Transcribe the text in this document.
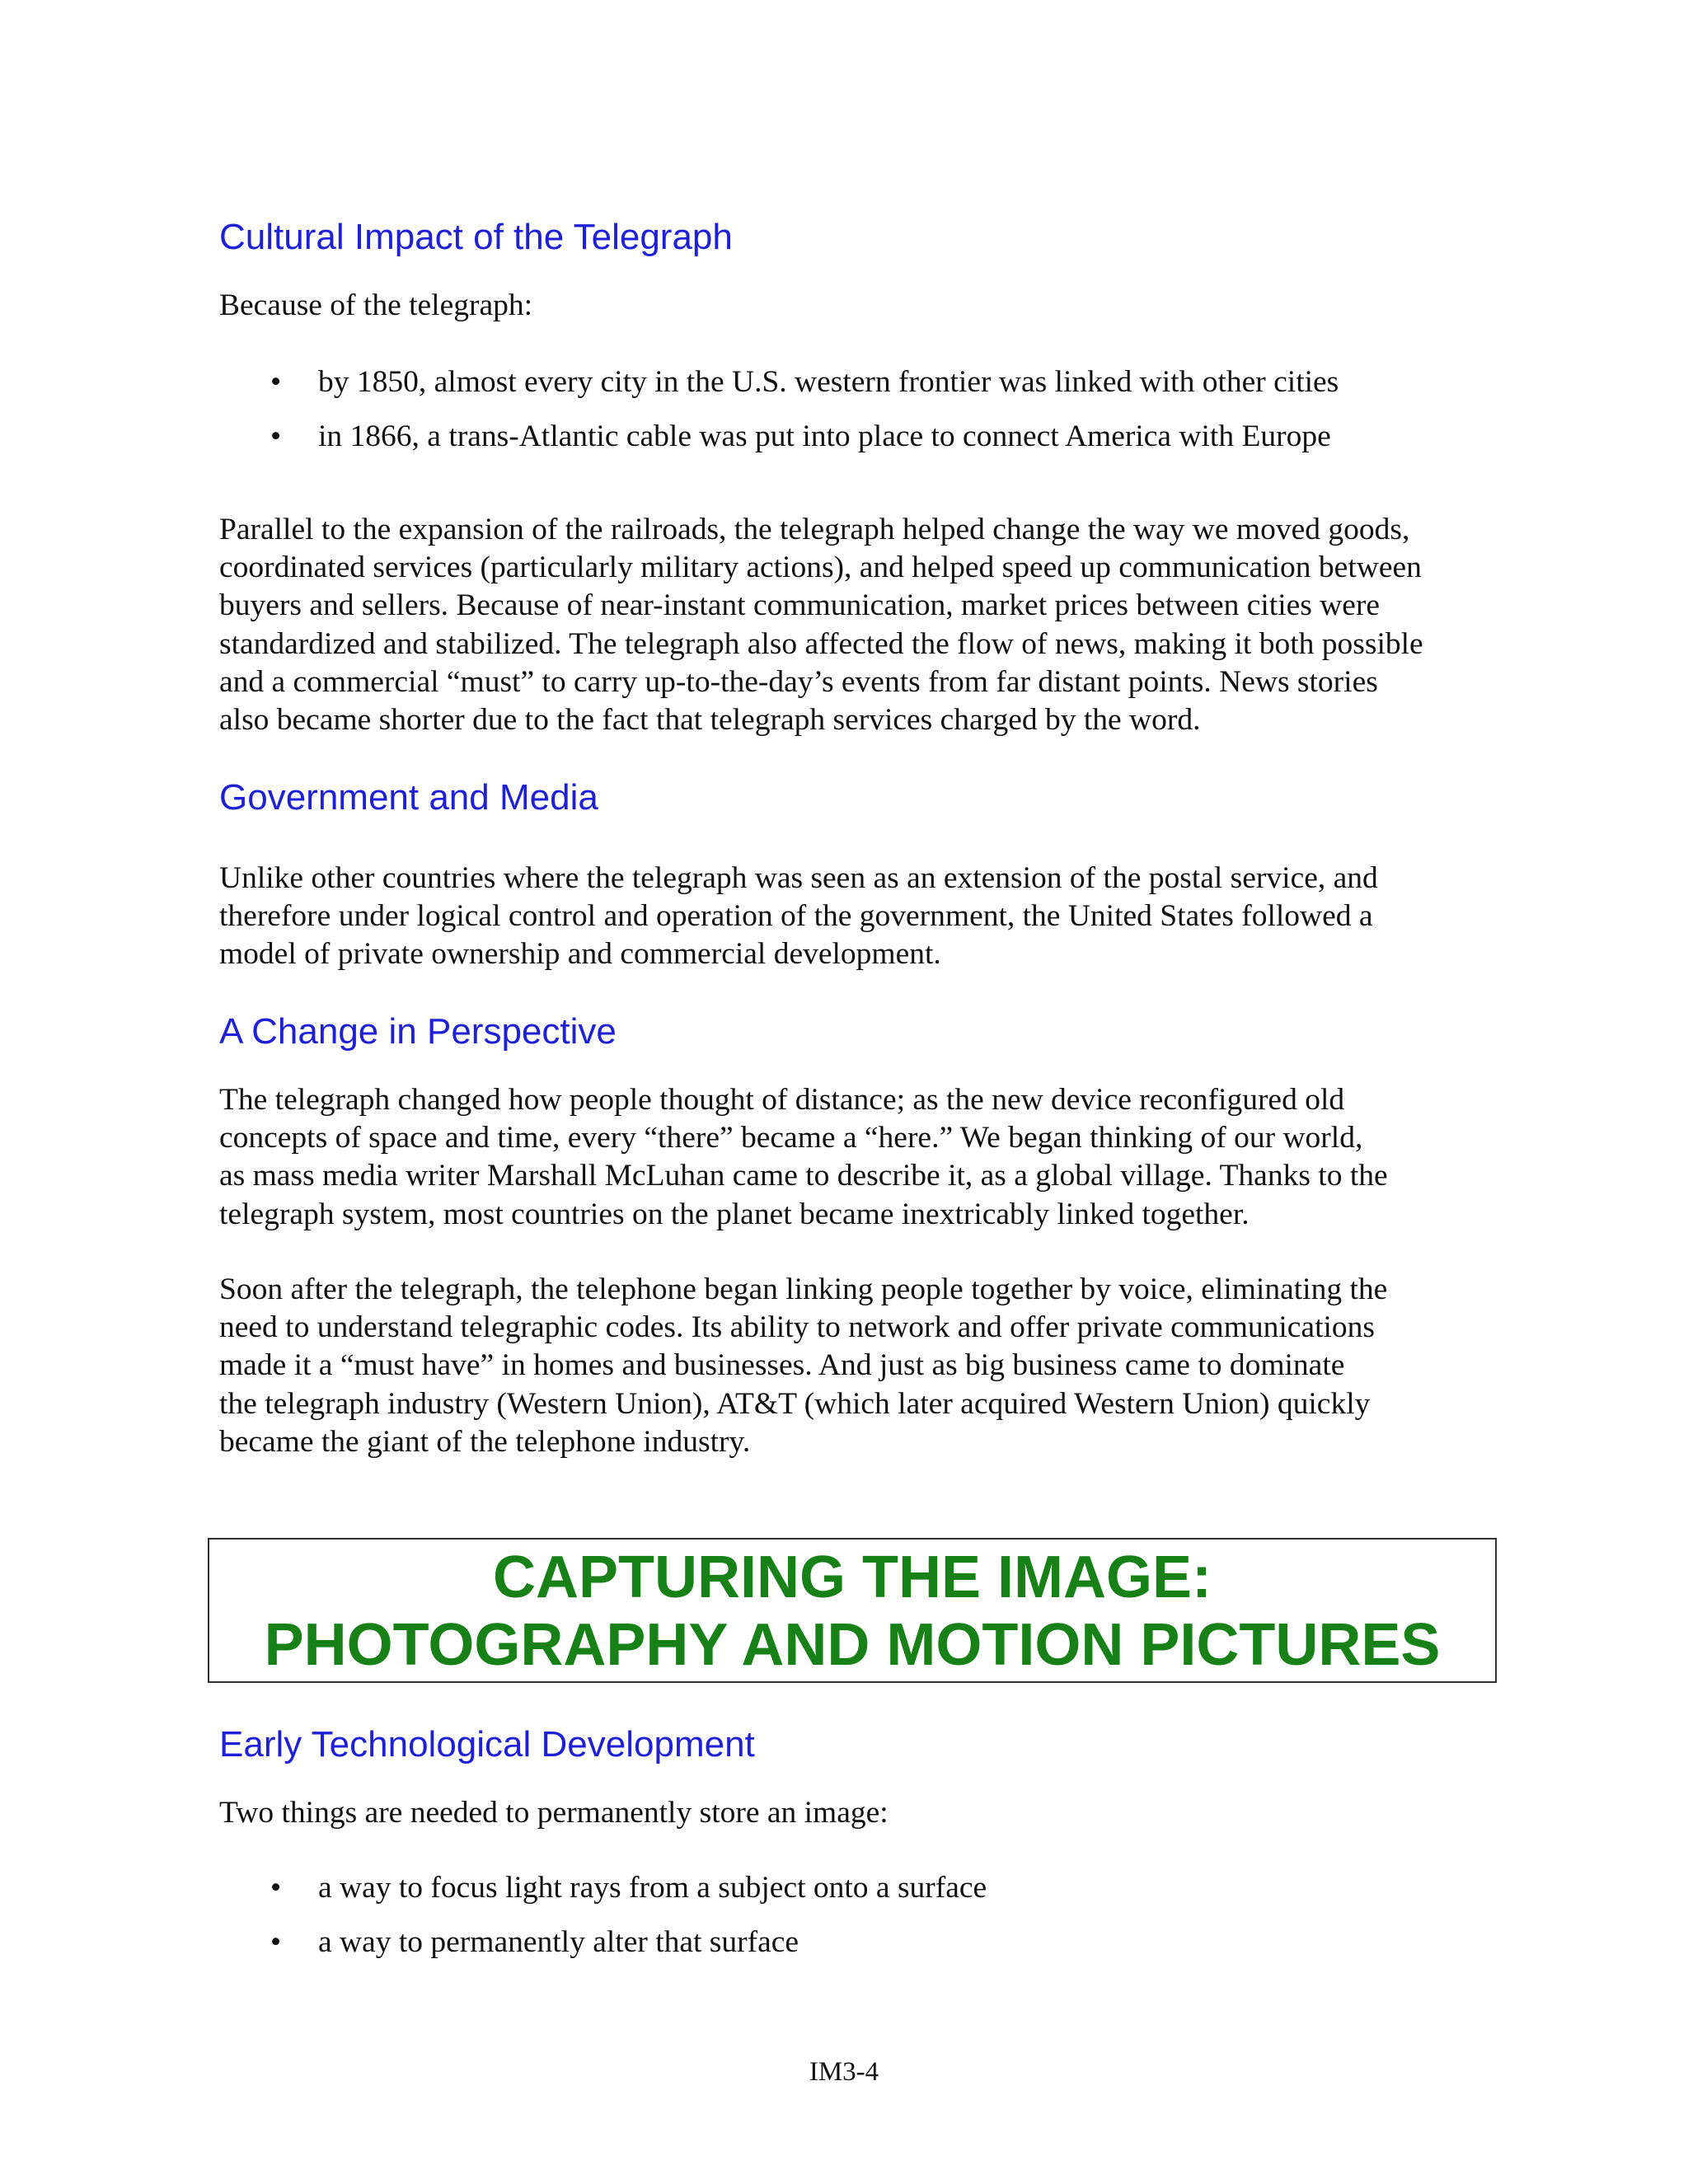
Cultural Impact of the Telegraph

Because of the telegraph:

• by 1850, almost every city in the U.S. western frontier was linked with other cities
• in 1866, a trans-Atlantic cable was put into place to connect America with Europe

Parallel to the expansion of the railroads, the telegraph helped change the way we moved goods,
coordinated services (particularly military actions), and helped speed up communication between
buyers and sellers. Because of near-instant communication, market prices between cities were
standardized and stabilized. The telegraph also affected the flow of news, making it both possible
and a commercial “must” to carry up-to-the-day’s events from far distant points. News stories
also became shorter due to the fact that telegraph services charged by the word.

Government and Media

Unlike other countries where the telegraph was seen as an extension of the postal service, and
therefore under logical control and operation of the government, the United States followed a
model of private ownership and commercial development.

A Change in Perspective

The telegraph changed how people thought of distance; as the new device reconfigured old
concepts of space and time, every “there” became a “here.” We began thinking of our world,
as mass media writer Marshall McLuhan came to describe it, as a global village. Thanks to the
telegraph system, most countries on the planet became inextricably linked together.

Soon after the telegraph, the telephone began linking people together by voice, eliminating the
need to understand telegraphic codes. Its ability to network and offer private communications
made it a “must have” in homes and businesses. And just as big business came to dominate
the telegraph industry (Western Union), AT&T (which later acquired Western Union) quickly
became the giant of the telephone industry.

CAPTURING THE IMAGE:
PHOTOGRAPHY AND MOTION PICTURES
Early Technological Development

Two things are needed to permanently store an image:

• a way to focus light rays from a subject onto a surface
• a way to permanently alter that surface
IM3-4
